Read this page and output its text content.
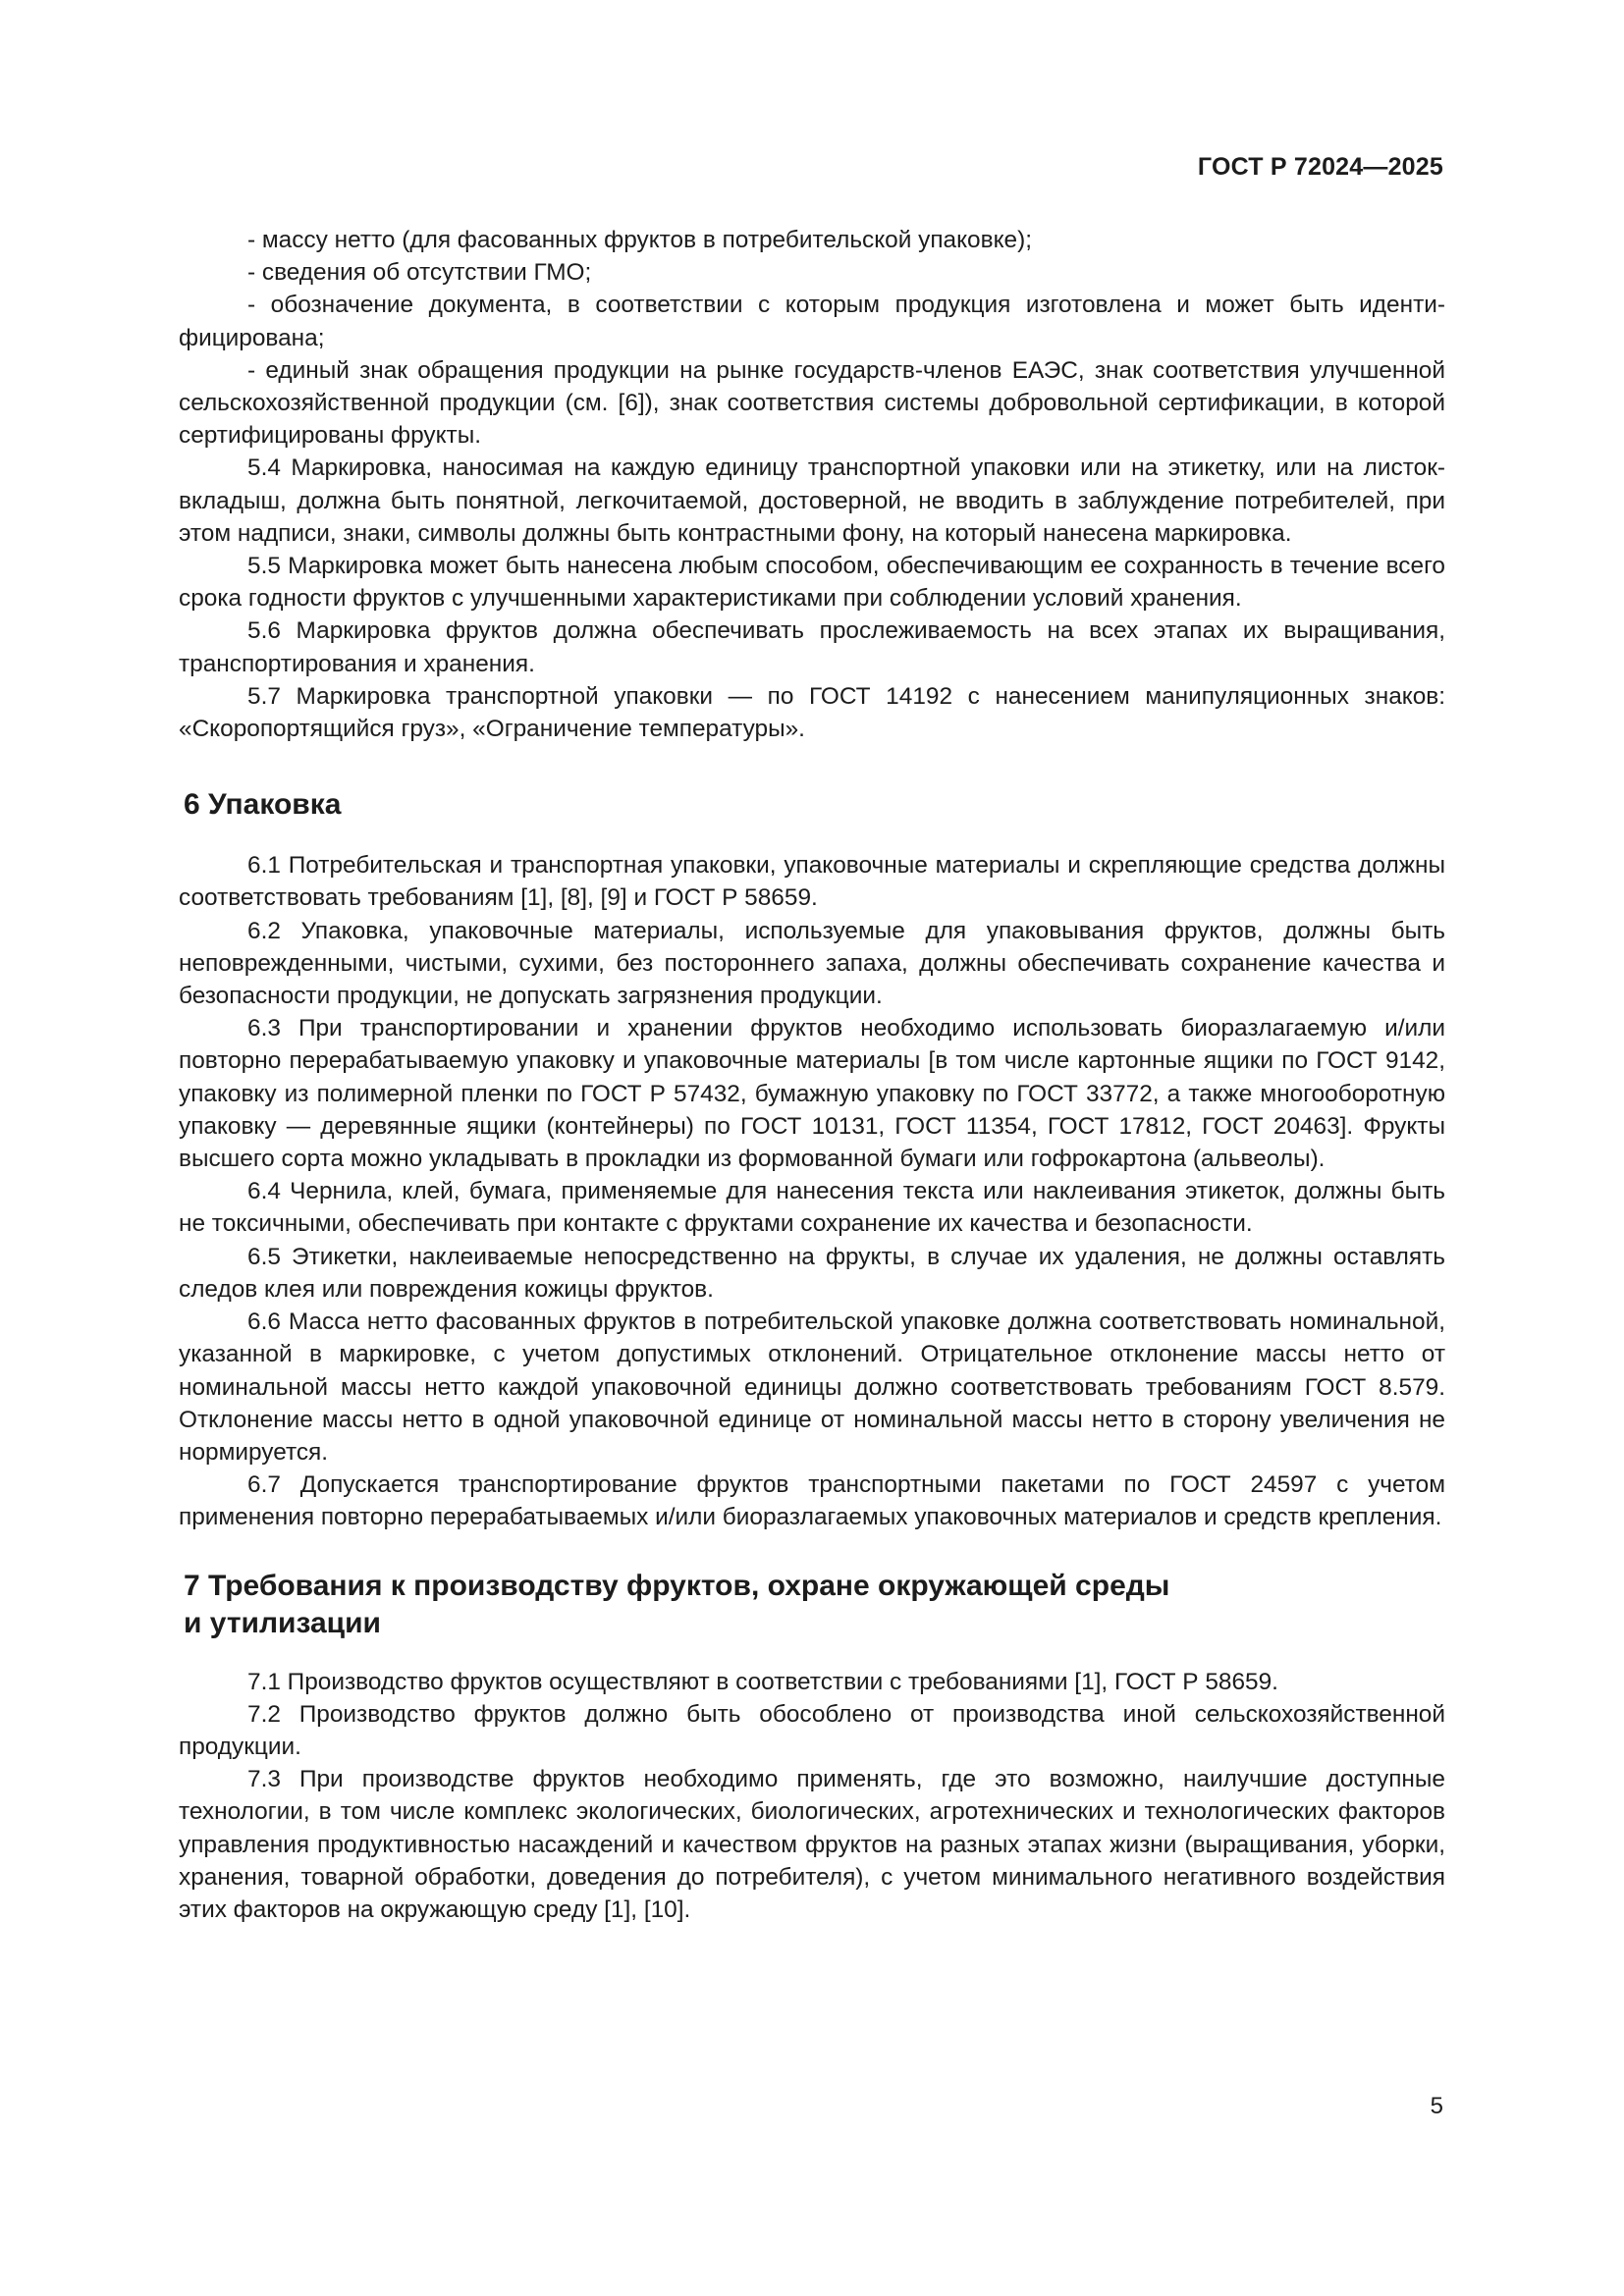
ГОСТ Р 72024—2025

- массу нетто (для фасованных фруктов в потребительской упаковке);

- сведения об отсутствии ГМО;

- обозначение документа, в соответствии с которым продукция изготовлена и может быть идентифицирована;

- единый знак обращения продукции на рынке государств-членов ЕАЭС, знак соответствия улучшенной сельскохозяйственной продукции (см. [6]), знак соответствия системы добровольной сертификации, в которой сертифицированы фрукты.

5.4 Маркировка, наносимая на каждую единицу транспортной упаковки или на этикетку, или на листок-вкладыш, должна быть понятной, легкочитаемой, достоверной, не вводить в заблуждение потребителей, при этом надписи, знаки, символы должны быть контрастными фону, на который нанесена маркировка.

5.5 Маркировка может быть нанесена любым способом, обеспечивающим ее сохранность в течение всего срока годности фруктов с улучшенными характеристиками при соблюдении условий хранения.

5.6 Маркировка фруктов должна обеспечивать прослеживаемость на всех этапах их выращивания, транспортирования и хранения.

5.7 Маркировка транспортной упаковки — по ГОСТ 14192 с нанесением манипуляционных знаков: «Скоропортящийся груз», «Ограничение температуры».

6 Упаковка

6.1 Потребительская и транспортная упаковки, упаковочные материалы и скрепляющие средства должны соответствовать требованиям [1], [8], [9] и ГОСТ Р 58659.

6.2 Упаковка, упаковочные материалы, используемые для упаковывания фруктов, должны быть неповрежденными, чистыми, сухими, без постороннего запаха, должны обеспечивать сохранение качества и безопасности продукции, не допускать загрязнения продукции.

6.3 При транспортировании и хранении фруктов необходимо использовать биоразлагаемую и/или повторно перерабатываемую упаковку и упаковочные материалы [в том числе картонные ящики по ГОСТ 9142, упаковку из полимерной пленки по ГОСТ Р 57432, бумажную упаковку по ГОСТ 33772, а также многооборотную упаковку — деревянные ящики (контейнеры) по ГОСТ 10131, ГОСТ 11354, ГОСТ 17812, ГОСТ 20463]. Фрукты высшего сорта можно укладывать в прокладки из формованной бумаги или гофрокартона (альвеолы).

6.4 Чернила, клей, бумага, применяемые для нанесения текста или наклеивания этикеток, должны быть не токсичными, обеспечивать при контакте с фруктами сохранение их качества и безопасности.

6.5 Этикетки, наклеиваемые непосредственно на фрукты, в случае их удаления, не должны оставлять следов клея или повреждения кожицы фруктов.

6.6 Масса нетто фасованных фруктов в потребительской упаковке должна соответствовать номинальной, указанной в маркировке, с учетом допустимых отклонений. Отрицательное отклонение массы нетто от номинальной массы нетто каждой упаковочной единицы должно соответствовать требованиям ГОСТ 8.579. Отклонение массы нетто в одной упаковочной единице от номинальной массы нетто в сторону увеличения не нормируется.

6.7 Допускается транспортирование фруктов транспортными пакетами по ГОСТ 24597 с учетом применения повторно перерабатываемых и/или биоразлагаемых упаковочных материалов и средств крепления.

7 Требования к производству фруктов, охране окружающей среды
и утилизации

7.1 Производство фруктов осуществляют в соответствии с требованиями [1], ГОСТ Р 58659.

7.2 Производство фруктов должно быть обособлено от производства иной сельскохозяйственной продукции.

7.3 При производстве фруктов необходимо применять, где это возможно, наилучшие доступные технологии, в том числе комплекс экологических, биологических, агротехнических и технологических факторов управления продуктивностью насаждений и качеством фруктов на разных этапах жизни (выращивания, уборки, хранения, товарной обработки, доведения до потребителя), с учетом минимального негативного воздействия этих факторов на окружающую среду [1], [10].

5
